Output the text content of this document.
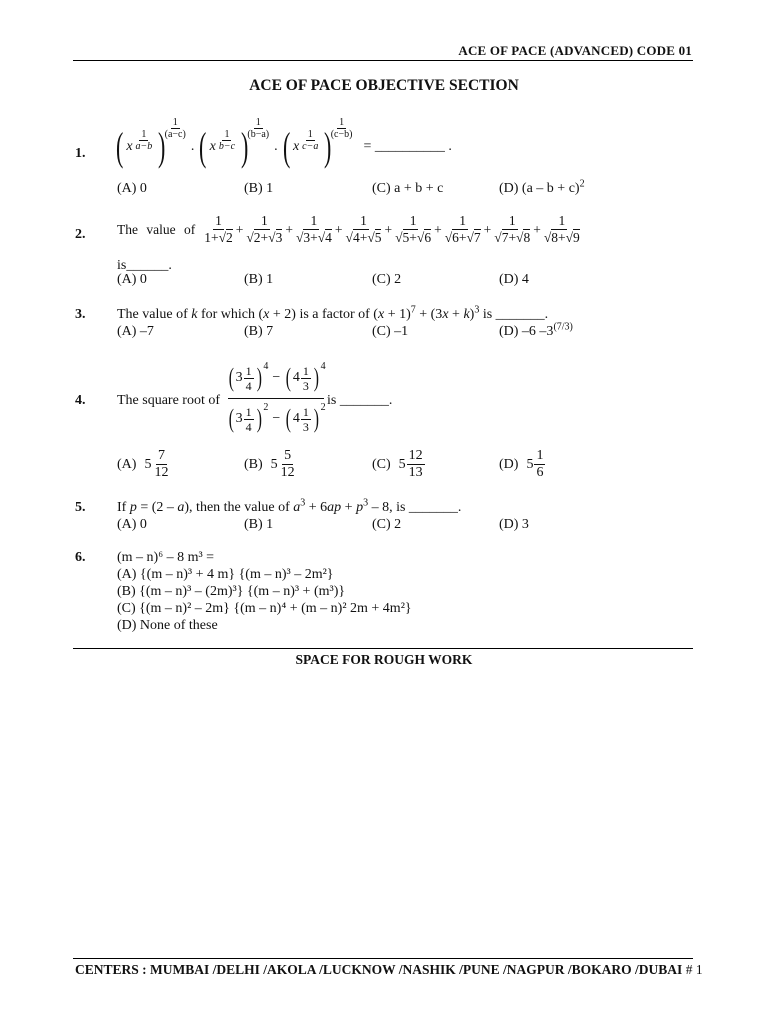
ACE OF PACE (ADVANCED) CODE 01
ACE OF PACE OBJECTIVE SECTION
1. ( x $\frac{1}{a-b}$ )
$\frac{1}{(a-c)}$
. ( x $\frac{1}{b-c}$ )
$\frac{1}{(b-a)}$
. ( x $\frac{1}{c-a}$ )
$\frac{1}{(c-b)}$
= __________ .
(A) 0	(B) 1	(C) a + b + c	(D) $(a - b + c)^2$
2. The value of $\frac{1}{1+√2} + \frac{1}{√2+√3} + \frac{1}{√3+√4} + \frac{1}{√4+√5} + \frac{1}{√5+√6} + \frac{1}{√6+√7} + \frac{1}{√7+√8} + \frac{1}{√8+√9}$
is______.
(A) 0	(B) 1	(C) 2	(D) 4
3. The value of k for which (x + 2) is a factor of $(x + 1)^7 + (3x + k)^3$ is _______.
(A) –7	(B) 7	(C) –1	(D) –6 $-3^{(7/3)}$
4. The square root of
( $3 \frac{1}{4}$ ) 4
− ( $4 \frac{1}{3}$ ) 4
( $3 \frac{1}{4}$ ) 2
− ( $4 \frac{1}{3}$ ) 2 is _______.
(A) $5 \frac{7}{12}$	(B) $5 \frac{5}{12}$	(C) $5 \frac{12}{13}$	(D) $5 \frac{1}{6}$
5. If p = (2 – a), then the value of $a^3 + 6ap + p^3 - 8$, is _______.
(A) 0	(B) 1	(C) 2	(D) 3
6. (m – n)⁶ – 8 m³ =
(A) {(m – n)³ + 4 m} {(m – n)³ – 2m²}
(B) {(m – n)³ – (2m)³} {(m – n)³ + (m³)}
(C) {(m – n)² – 2m} {(m – n)⁴ + (m – n)² 2m + 4m²}
(D) None of these
SPACE FOR ROUGH WORK
CENTERS : MUMBAI /DELHI /AKOLA /LUCKNOW /NASHIK /PUNE /NAGPUR /BOKARO /DUBAI # 1
